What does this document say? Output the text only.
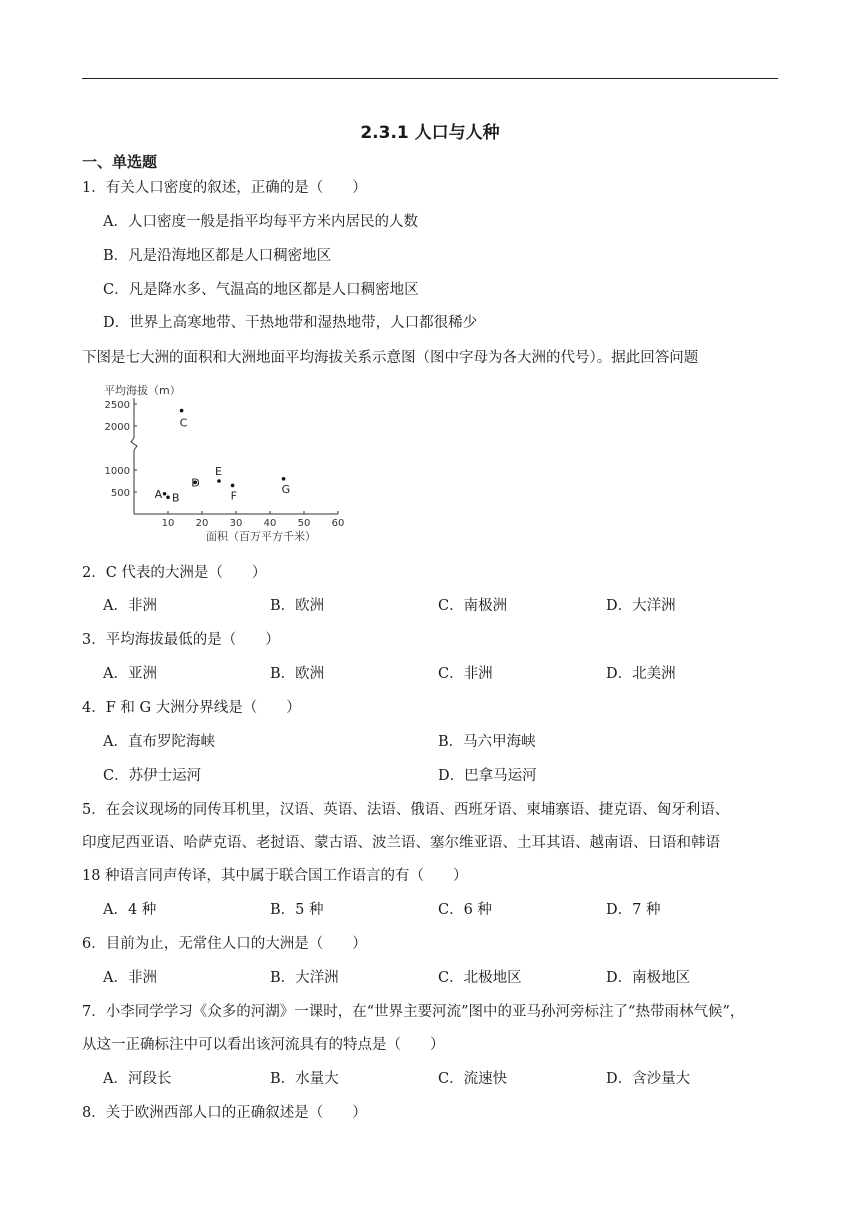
2.3.1 人口与人种
一、单选题
1．有关人口密度的叙述，正确的是（　　）
A．人口密度一般是指平均每平方米内居民的人数
B．凡是沿海地区都是人口稠密地区
C．凡是降水多、气温高的地区都是人口稠密地区
D．世界上高寒地带、干热地带和湿热地带，人口都很稀少
下图是七大洲的面积和大洲地面平均海拔关系示意图（图中字母为各大洲的代号）。据此回答问题
平均海拔（m）
10 20 30 40 50 60
2500
2000
1000
500 A B
C
D
E
F
G
面积（百万平方千米）
2．C 代表的大洲是（　　）
A．非洲	B．欧洲	C．南极洲	D．大洋洲
3．平均海拔最低的是（　　）
A．亚洲	B．欧洲	C．非洲	D．北美洲
4．F 和 G 大洲分界线是（　　）
A．直布罗陀海峡	B．马六甲海峡
C．苏伊士运河	D．巴拿马运河
5．在会议现场的同传耳机里，汉语、英语、法语、俄语、西班牙语、柬埔寨语、捷克语、匈牙利语、
印度尼西亚语、哈萨克语、老挝语、蒙古语、波兰语、塞尔维亚语、土耳其语、越南语、日语和韩语
18 种语言同声传译，其中属于联合国工作语言的有（　　）
A．4 种	B．5 种	C．6 种	D．7 种
6．目前为止，无常住人口的大洲是（　　）
A．非洲	B．大洋洲	C．北极地区	D．南极地区
7．小李同学学习《众多的河湖》一课时，在“世界主要河流”图中的亚马孙河旁标注了“热带雨林气候”，
从这一正确标注中可以看出该河流具有的特点是（　　）
A．河段长	B．水量大	C．流速快	D．含沙量大
8．关于欧洲西部人口的正确叙述是（　　）
